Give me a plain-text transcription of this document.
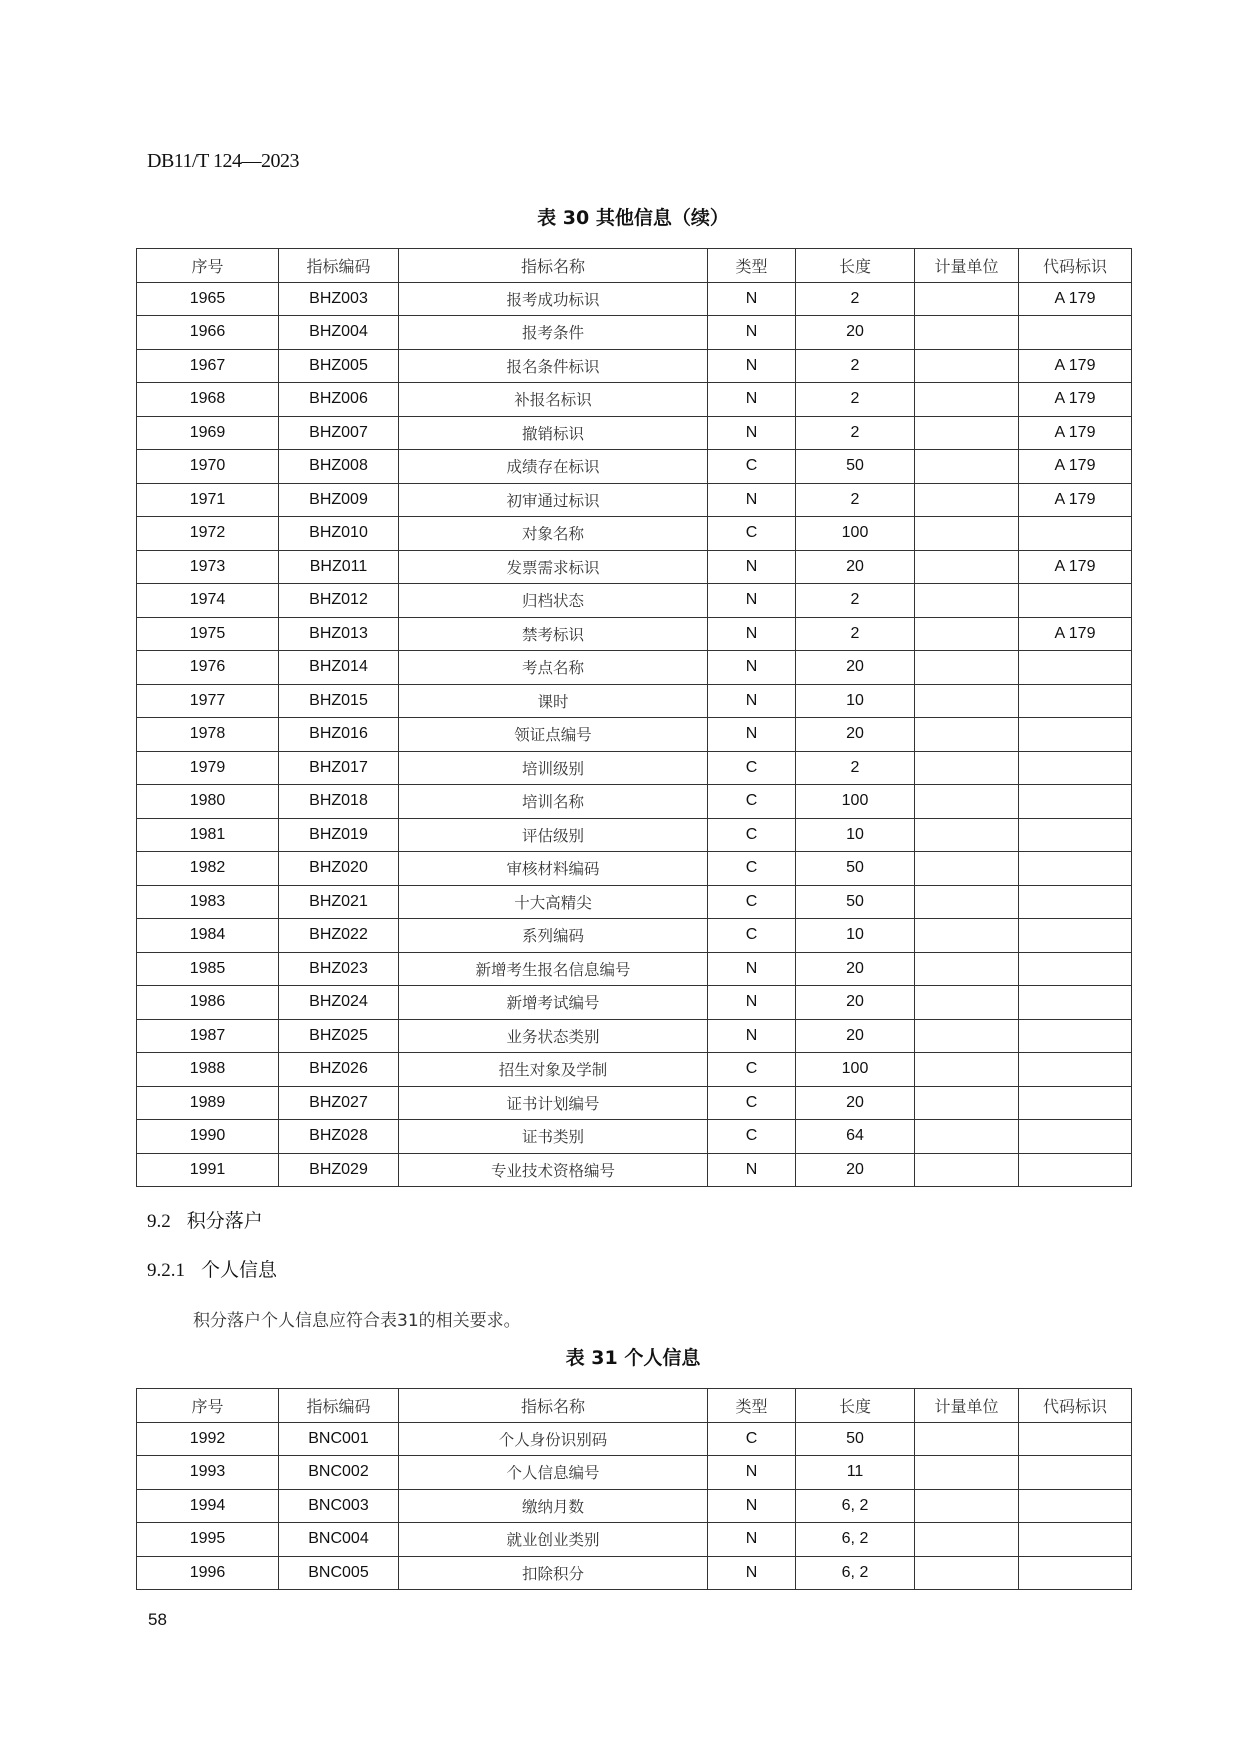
DB11/T 124—2023
表 30 其他信息（续）
序号	指标编码	指标名称	类型	长度	计量单位	代码标识
1965	BHZ003	报考成功标识	N	2		A 179
1966	BHZ004	报考条件	N	20		
1967	BHZ005	报名条件标识	N	2		A 179
1968	BHZ006	补报名标识	N	2		A 179
1969	BHZ007	撤销标识	N	2		A 179
1970	BHZ008	成绩存在标识	C	50		A 179
1971	BHZ009	初审通过标识	N	2		A 179
1972	BHZ010	对象名称	C	100		
1973	BHZ011	发票需求标识	N	20		A 179
1974	BHZ012	归档状态	N	2		
1975	BHZ013	禁考标识	N	2		A 179
1976	BHZ014	考点名称	N	20		
1977	BHZ015	课时	N	10		
1978	BHZ016	领证点编号	N	20		
1979	BHZ017	培训级别	C	2		
1980	BHZ018	培训名称	C	100		
1981	BHZ019	评估级别	C	10		
1982	BHZ020	审核材料编码	C	50		
1983	BHZ021	十大高精尖	C	50		
1984	BHZ022	系列编码	C	10		
1985	BHZ023	新增考生报名信息编号	N	20		
1986	BHZ024	新增考试编号	N	20		
1987	BHZ025	业务状态类别	N	20		
1988	BHZ026	招生对象及学制	C	100		
1989	BHZ027	证书计划编号	C	20		
1990	BHZ028	证书类别	C	64		
1991	BHZ029	专业技术资格编号	N	20		
9.2 积分落户
9.2.1 个人信息
积分落户个人信息应符合表31的相关要求。
表 31 个人信息
序号	指标编码	指标名称	类型	长度	计量单位	代码标识
1992	BNC001	个人身份识别码	C	50		
1993	BNC002	个人信息编号	N	11		
1994	BNC003	缴纳月数	N	6, 2		
1995	BNC004	就业创业类别	N	6, 2		
1996	BNC005	扣除积分	N	6, 2		
58
